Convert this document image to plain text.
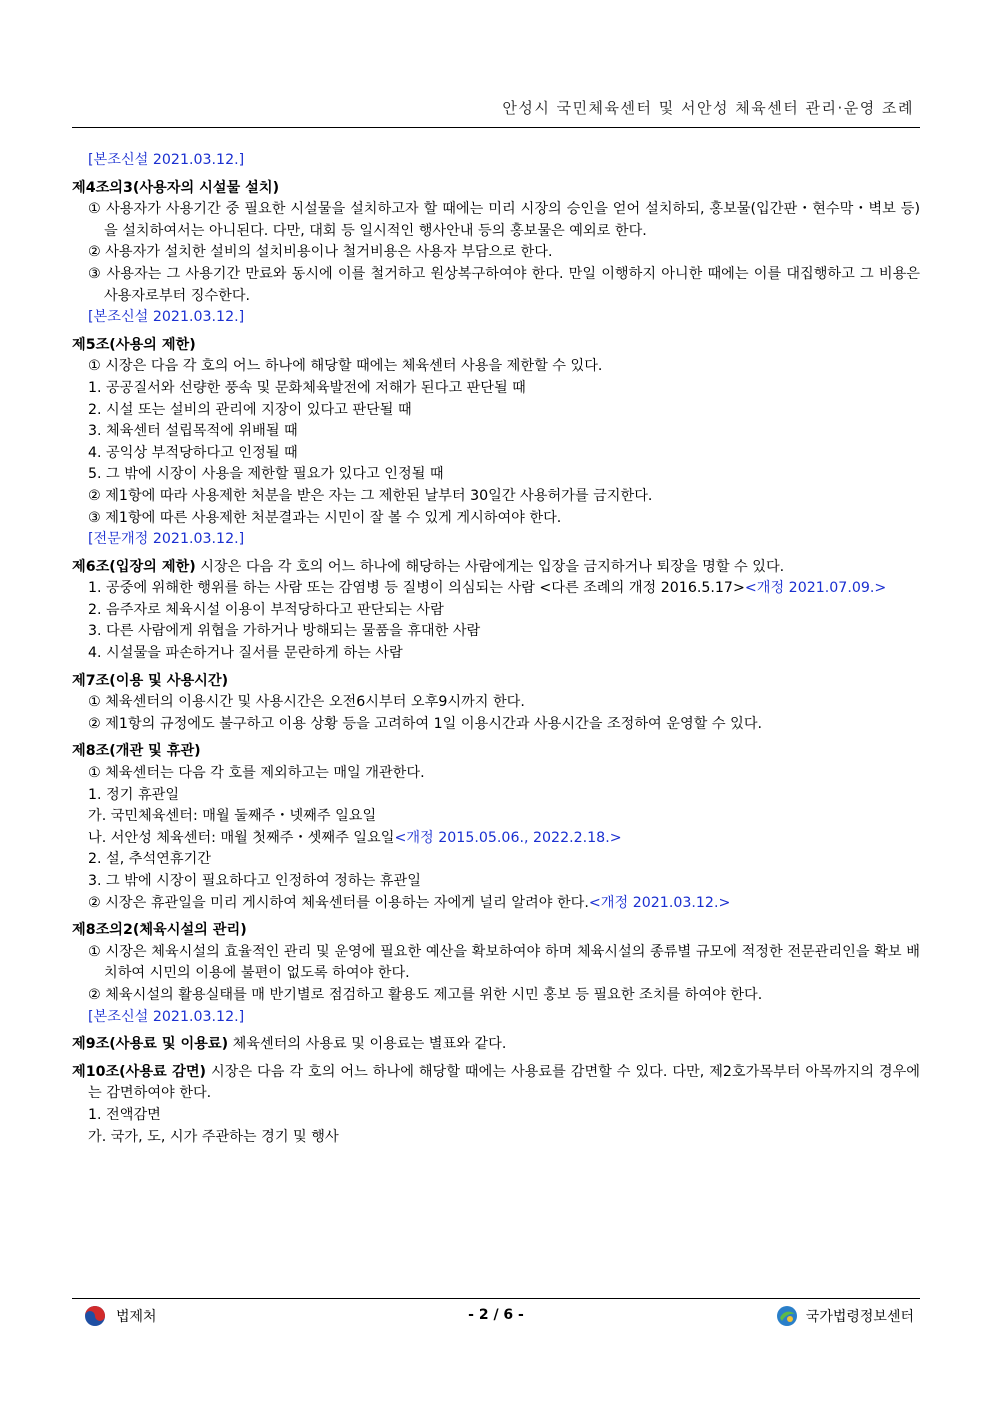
안성시 국민체육센터 및 서안성 체육센터 관리·운영 조례

[본조신설 2021.03.12.]

제4조의3(사용자의 시설물 설치)

① 사용자가 사용기간 중 필요한 시설물을 설치하고자 할 때에는 미리 시장의 승인을 얻어 설치하되, 홍보물(입간판・현수막・벽보 등)을 설치하여서는 아니된다. 다만, 대회 등 일시적인 행사안내 등의 홍보물은 예외로 한다.

② 사용자가 설치한 설비의 설치비용이나 철거비용은 사용자 부담으로 한다.

③ 사용자는 그 사용기간 만료와 동시에 이를 철거하고 원상복구하여야 한다. 만일 이행하지 아니한 때에는 이를 대집행하고 그 비용은 사용자로부터 징수한다.

[본조신설 2021.03.12.]

제5조(사용의 제한)

① 시장은 다음 각 호의 어느 하나에 해당할 때에는 체육센터 사용을 제한할 수 있다.

1. 공공질서와 선량한 풍속 및 문화체육발전에 저해가 된다고 판단될 때

2. 시설 또는 설비의 관리에 지장이 있다고 판단될 때

3. 체육센터 설립목적에 위배될 때

4. 공익상 부적당하다고 인정될 때

5. 그 밖에 시장이 사용을 제한할 필요가 있다고 인정될 때

② 제1항에 따라 사용제한 처분을 받은 자는 그 제한된 날부터 30일간 사용허가를 금지한다.

③ 제1항에 따른 사용제한 처분결과는 시민이 잘 볼 수 있게 게시하여야 한다.

[전문개정 2021.03.12.]

제6조(입장의 제한) 시장은 다음 각 호의 어느 하나에 해당하는 사람에게는 입장을 금지하거나 퇴장을 명할 수 있다.

1. 공중에 위해한 행위를 하는 사람 또는 감염병 등 질병이 의심되는 사람 <다른 조례의 개정 2016.5.17><개정 2021.07.09.>

2. 음주자로 체육시설 이용이 부적당하다고 판단되는 사람

3. 다른 사람에게 위협을 가하거나 방해되는 물품을 휴대한 사람

4. 시설물을 파손하거나 질서를 문란하게 하는 사람

제7조(이용 및 사용시간)

① 체육센터의 이용시간 및 사용시간은 오전6시부터 오후9시까지 한다.

② 제1항의 규정에도 불구하고 이용 상황 등을 고려하여 1일 이용시간과 사용시간을 조정하여 운영할 수 있다.

제8조(개관 및 휴관)

① 체육센터는 다음 각 호를 제외하고는 매일 개관한다.

1. 정기 휴관일

가. 국민체육센터: 매월 둘째주・넷째주 일요일

나. 서안성 체육센터: 매월 첫째주・셋째주 일요일<개정 2015.05.06., 2022.2.18.>

2. 설, 추석연휴기간

3. 그 밖에 시장이 필요하다고 인정하여 정하는 휴관일

② 시장은 휴관일을 미리 게시하여 체육센터를 이용하는 자에게 널리 알려야 한다.<개정 2021.03.12.>

제8조의2(체육시설의 관리)

① 시장은 체육시설의 효율적인 관리 및 운영에 필요한 예산을 확보하여야 하며 체육시설의 종류별 규모에 적정한 전문관리인을 확보 배치하여 시민의 이용에 불편이 없도록 하여야 한다.

② 체육시설의 활용실태를 매 반기별로 점검하고 활용도 제고를 위한 시민 홍보 등 필요한 조치를 하여야 한다.

[본조신설 2021.03.12.]

제9조(사용료 및 이용료) 체육센터의 사용료 및 이용료는 별표와 같다.

제10조(사용료 감면) 시장은 다음 각 호의 어느 하나에 해당할 때에는 사용료를 감면할 수 있다. 다만, 제2호가목부터 아목까지의 경우에는 감면하여야 한다.

1. 전액감면

가. 국가, 도, 시가 주관하는 경기 및 행사

법제처	- 2 / 6 -	국가법령정보센터
